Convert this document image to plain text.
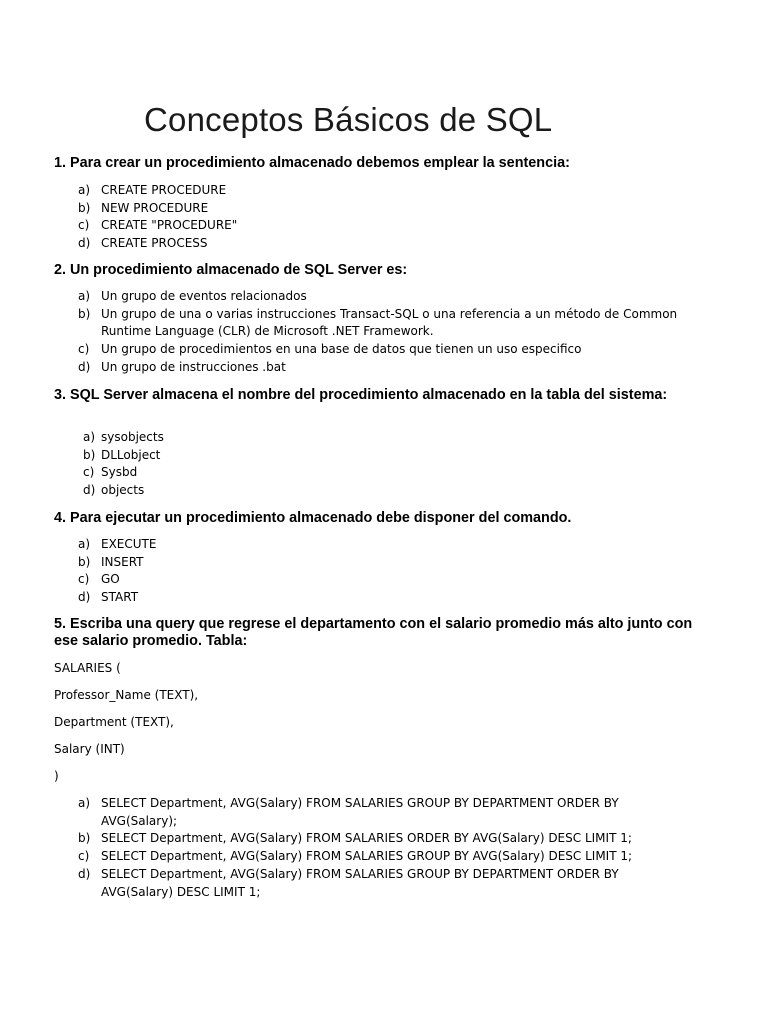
Conceptos Básicos de SQL

1. Para crear un procedimiento almacenado debemos emplear la sentencia:

a) CREATE PROCEDURE
b) NEW PROCEDURE
c) CREATE "PROCEDURE"
d) CREATE PROCESS

2. Un procedimiento almacenado de SQL Server es:

a) Un grupo de eventos relacionados
b) Un grupo de una o varias instrucciones Transact-SQL o una referencia a un método de Common Runtime Language (CLR) de Microsoft .NET Framework.
c) Un grupo de procedimientos en una base de datos que tienen un uso especifico
d) Un grupo de instrucciones .bat

3. SQL Server almacena el nombre del procedimiento almacenado en la tabla del sistema:

a) sysobjects
b) DLLobject
c) Sysbd
d) objects

4. Para ejecutar un procedimiento almacenado debe disponer del comando.

a) EXECUTE
b) INSERT
c) GO
d) START

5. Escriba una query que regrese el departamento con el salario promedio más alto junto con ese salario promedio. Tabla:

SALARIES (

Professor_Name (TEXT),

Department (TEXT),

Salary (INT)

)

a) SELECT Department, AVG(Salary) FROM SALARIES GROUP BY DEPARTMENT ORDER BY AVG(Salary);
b) SELECT Department, AVG(Salary) FROM SALARIES ORDER BY AVG(Salary) DESC LIMIT 1;
c) SELECT Department, AVG(Salary) FROM SALARIES GROUP BY AVG(Salary) DESC LIMIT 1;
d) SELECT Department, AVG(Salary) FROM SALARIES GROUP BY DEPARTMENT ORDER BY AVG(Salary) DESC LIMIT 1;
